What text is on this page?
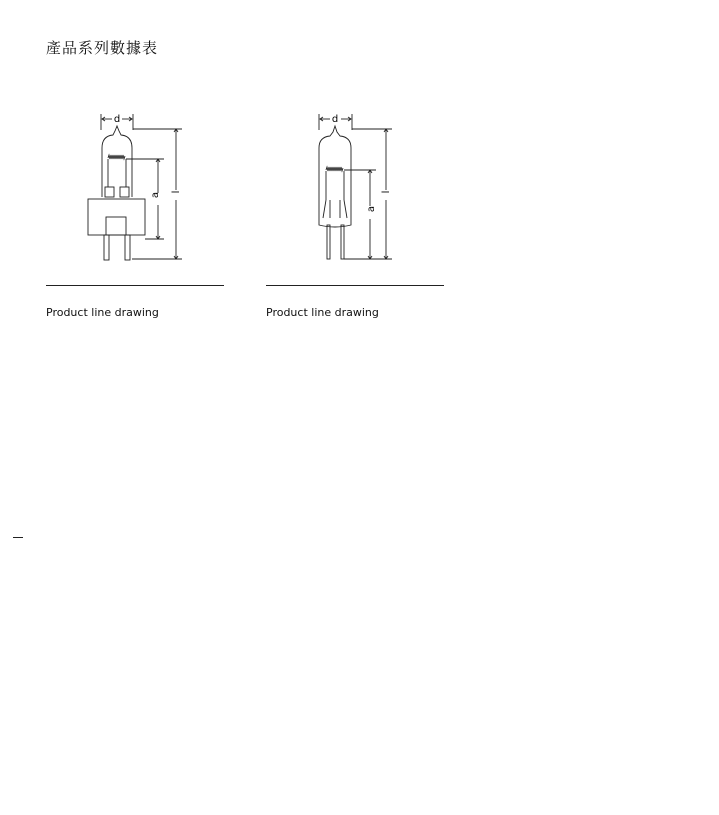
產品系列數據表
d
a l
Product line drawing
d
a
l
Product line drawing
